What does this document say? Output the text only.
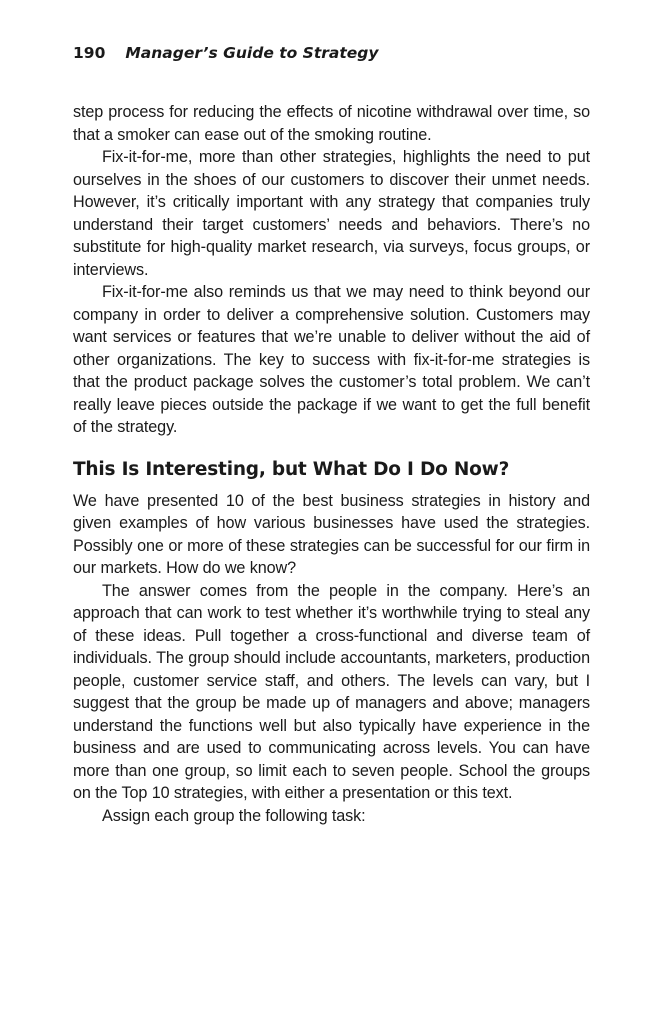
190 Manager’s Guide to Strategy

step process for reducing the effects of nicotine withdrawal over time, so that a smoker can ease out of the smoking routine.

Fix-it-for-me, more than other strategies, highlights the need to put ourselves in the shoes of our customers to discover their unmet needs. However, it’s critically important with any strategy that companies truly understand their target customers’ needs and behaviors. There’s no substitute for high-quality market research, via surveys, focus groups, or interviews.

Fix-it-for-me also reminds us that we may need to think beyond our company in order to deliver a comprehensive solution. Customers may want services or features that we’re unable to deliver without the aid of other organizations. The key to success with fix-it-for-me strategies is that the product package solves the customer’s total problem. We can’t really leave pieces outside the package if we want to get the full benefit of the strategy.

This Is Interesting, but What Do I Do Now?

We have presented 10 of the best business strategies in history and given examples of how various businesses have used the strategies. Possibly one or more of these strategies can be successful for our firm in our markets. How do we know?

The answer comes from the people in the company. Here’s an approach that can work to test whether it’s worthwhile trying to steal any of these ideas. Pull together a cross-functional and diverse team of individuals. The group should include accountants, marketers, production people, customer service staff, and others. The levels can vary, but I suggest that the group be made up of managers and above; managers understand the functions well but also typically have experience in the business and are used to communicating across levels. You can have more than one group, so limit each to seven people. School the groups on the Top 10 strategies, with either a presentation or this text.

Assign each group the following task:
